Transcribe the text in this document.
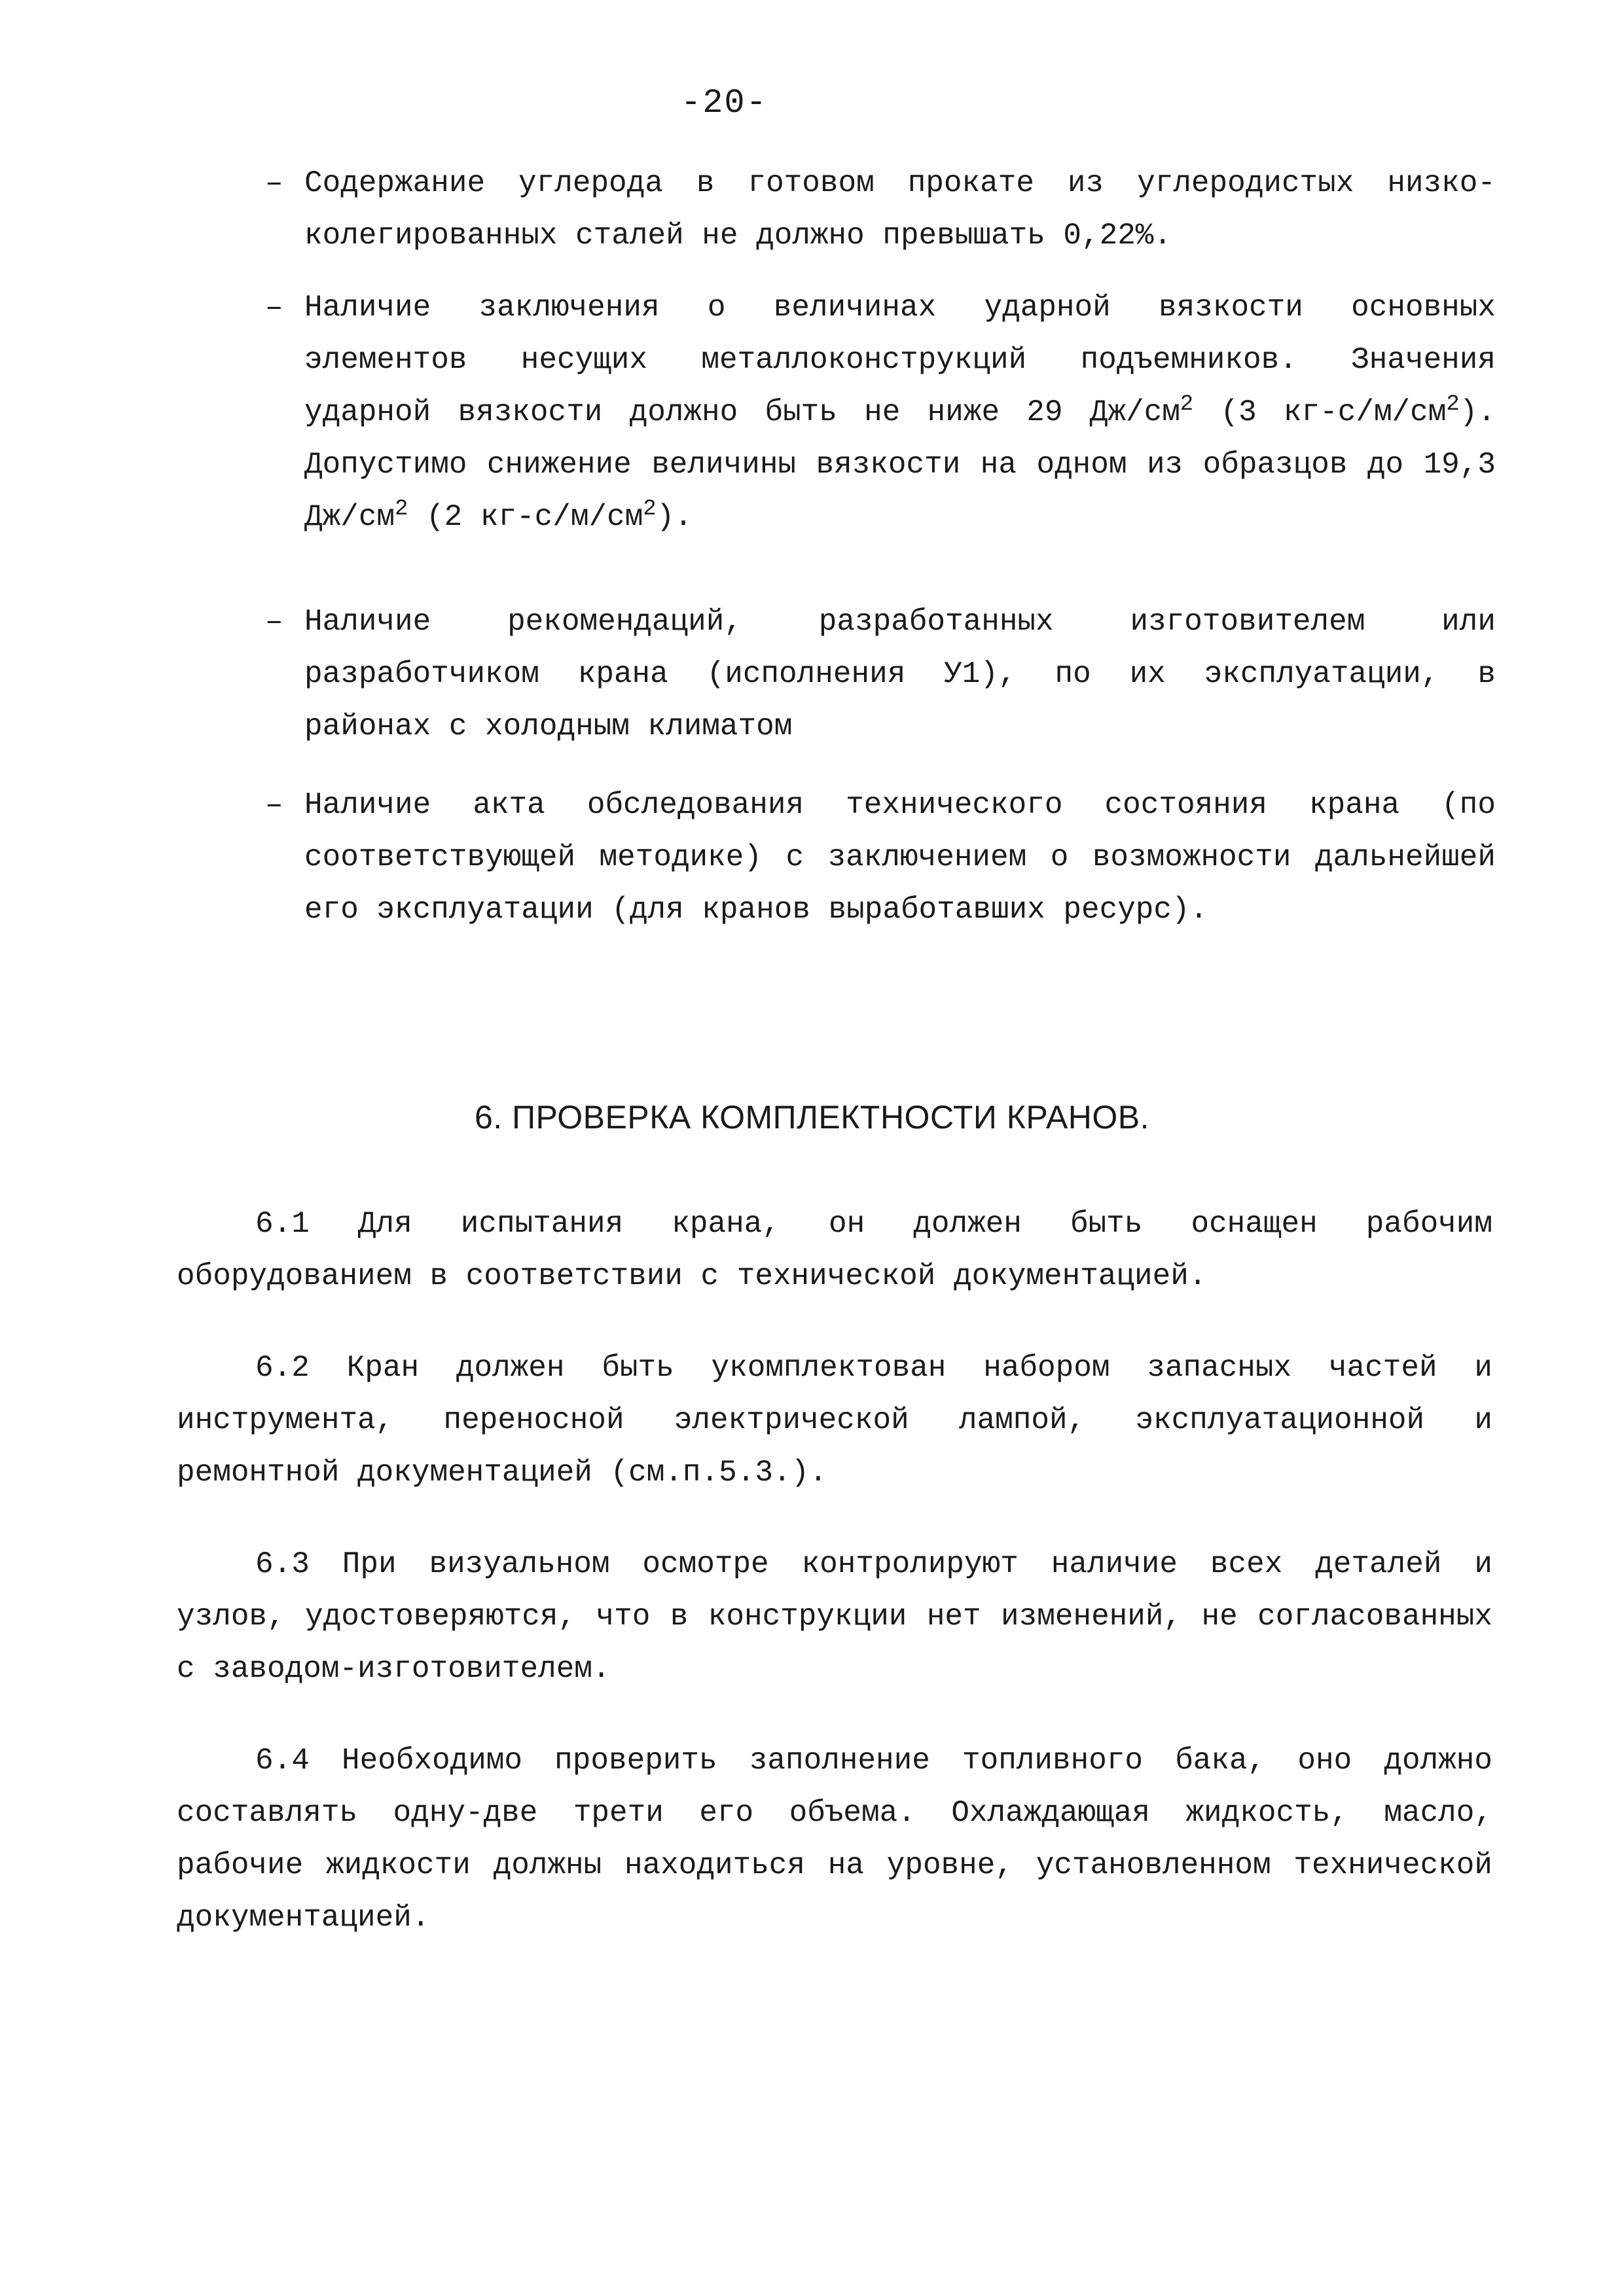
-20-
– Содержание углерода в готовом прокате из углеродистых низко-колегированных сталей не должно превышать 0,22%.
– Наличие заключения о величинах ударной вязкости основных элементов несущих металлоконструкций подъемников. Значения ударной вязкости должно быть не ниже 29 $Дж/см^2$ (3 $кг-с/м/см^2$). Допустимо снижение величины вязкости на одном из образцов до 19,3 $Дж/см^2$ (2 $кг-с/м/см^2$).
– Наличие рекомендаций, разработанных изготовителем или разработчиком крана (исполнения У1), по их эксплуатации, в районах с холодным климатом
– Наличие акта обследования технического состояния крана (по соответствующей методике) с заключением о возможности дальнейшей его эксплуатации (для кранов выработавших ресурс).
6. ПРОВЕРКА КОМПЛЕКТНОСТИ КРАНОВ.
6.1 Для испытания крана, он должен быть оснащен рабочим оборудованием в соответствии с технической документацией.
6.2 Кран должен быть укомплектован набором запасных частей и инструмента, переносной электрической лампой, эксплуатационной и ремонтной документацией (см.п.5.3.).
6.3 При визуальном осмотре контролируют наличие всех деталей и узлов, удостоверяются, что в конструкции нет изменений, не согласованных с заводом-изготовителем.
6.4 Необходимо проверить заполнение топливного бака, оно должно составлять одну-две трети его объема. Охлаждающая жидкость, масло, рабочие жидкости должны находиться на уровне, установленном технической документацией.
